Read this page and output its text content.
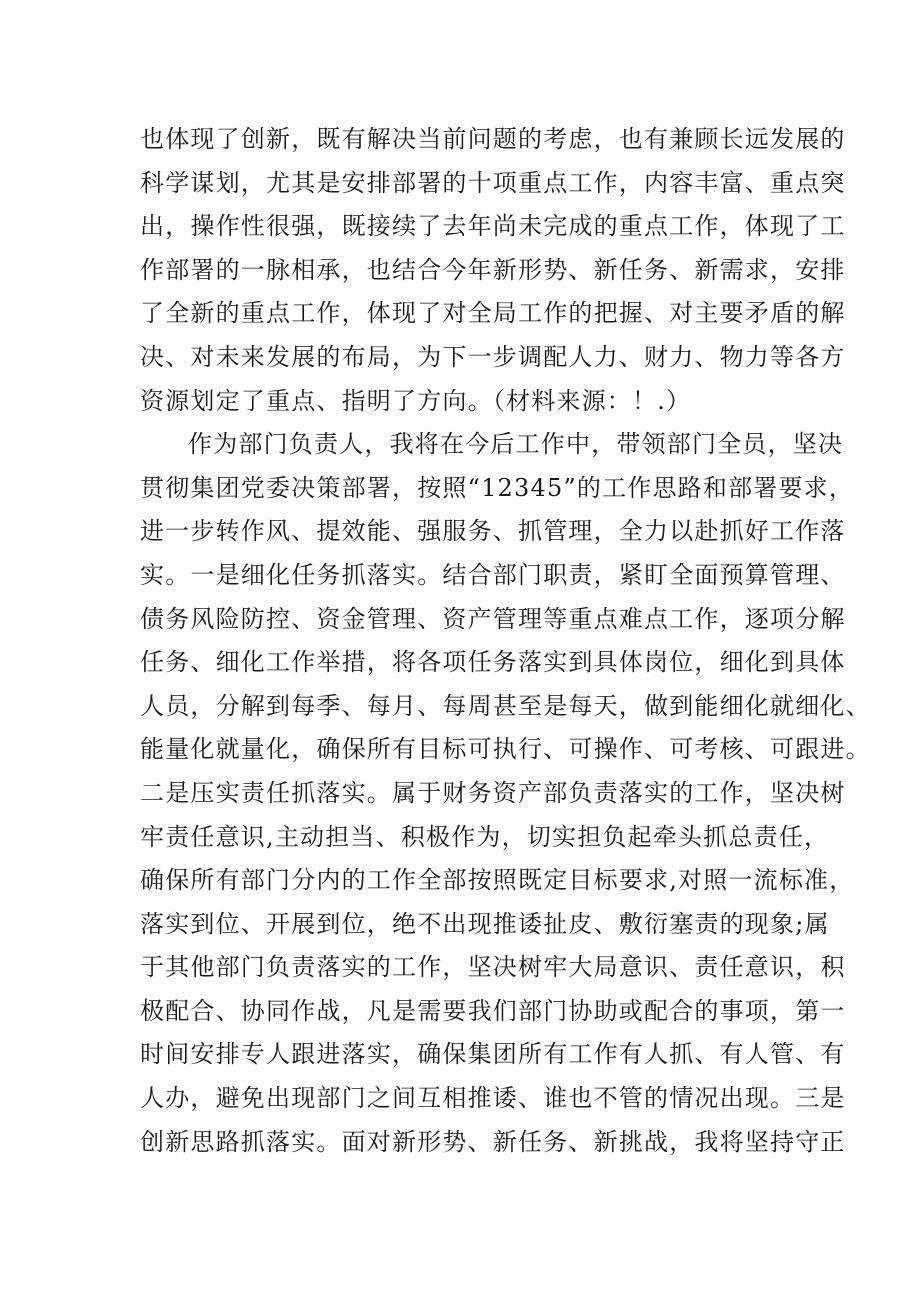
也体现了创新，既有解决当前问题的考虑，也有兼顾长远发展的
科学谋划，尤其是安排部署的十项重点工作，内容丰富、重点突
出，操作性很强，既接续了去年尚未完成的重点工作，体现了工
作部署的一脉相承，也结合今年新形势、新任务、新需求，安排
了全新的重点工作，体现了对全局工作的把握、对主要矛盾的解
决、对未来发展的布局，为下一步调配人力、财力、物力等各方
资源划定了重点、指明了方向。（材料来源：！.）
作为部门负责人，我将在今后工作中，带领部门全员，坚决
贯彻集团党委决策部署，按照“12345”的工作思路和部署要求，
进一步转作风、提效能、强服务、抓管理，全力以赴抓好工作落
实。一是细化任务抓落实。结合部门职责，紧盯全面预算管理、
债务风险防控、资金管理、资产管理等重点难点工作，逐项分解
任务、细化工作举措，将各项任务落实到具体岗位，细化到具体
人员，分解到每季、每月、每周甚至是每天，做到能细化就细化、
能量化就量化，确保所有目标可执行、可操作、可考核、可跟进。
二是压实责任抓落实。属于财务资产部负责落实的工作，坚决树
牢责任意识,主动担当、积极作为，切实担负起牵头抓总责任，
确保所有部门分内的工作全部按照既定目标要求,对照一流标准，
落实到位、开展到位，绝不出现推诿扯皮、敷衍塞责的现象;属
于其他部门负责落实的工作，坚决树牢大局意识、责任意识，积
极配合、协同作战，凡是需要我们部门协助或配合的事项，第一
时间安排专人跟进落实，确保集团所有工作有人抓、有人管、有
人办，避免出现部门之间互相推诿、谁也不管的情况出现。三是
创新思路抓落实。面对新形势、新任务、新挑战，我将坚持守正
